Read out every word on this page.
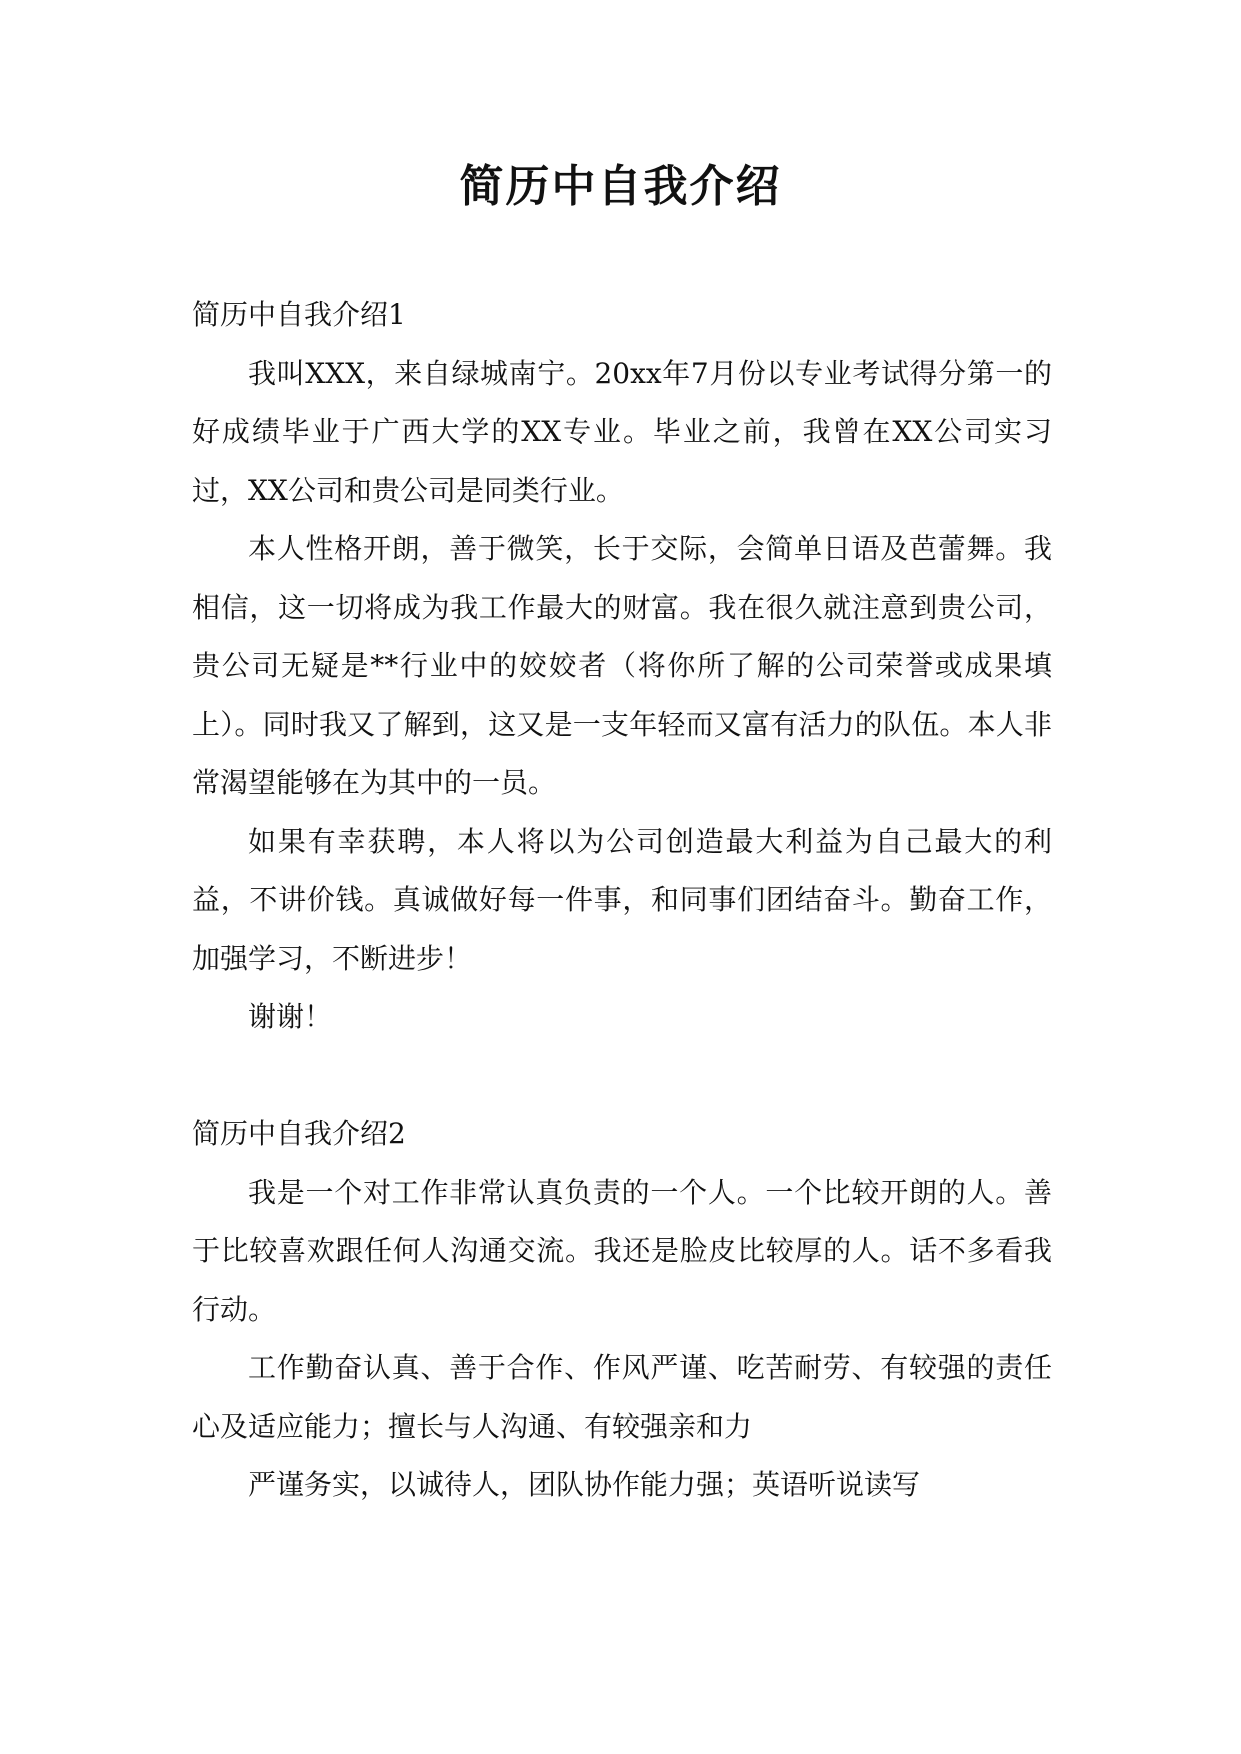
简历中自我介绍

简历中自我介绍1

我叫XXX，来自绿城南宁。20xx年7月份以专业考试得分第一的好成绩毕业于广西大学的XX专业。毕业之前，我曾在XX公司实习过，XX公司和贵公司是同类行业。

本人性格开朗，善于微笑，长于交际，会简单日语及芭蕾舞。我相信，这一切将成为我工作最大的财富。我在很久就注意到贵公司，贵公司无疑是**行业中的姣姣者（将你所了解的公司荣誉或成果填上）。同时我又了解到，这又是一支年轻而又富有活力的队伍。本人非常渴望能够在为其中的一员。

如果有幸获聘，本人将以为公司创造最大利益为自己最大的利益，不讲价钱。真诚做好每一件事，和同事们团结奋斗。勤奋工作，加强学习，不断进步！

谢谢！

简历中自我介绍2

我是一个对工作非常认真负责的一个人。一个比较开朗的人。善于比较喜欢跟任何人沟通交流。我还是脸皮比较厚的人。话不多看我行动。

工作勤奋认真、善于合作、作风严谨、吃苦耐劳、有较强的责任心及适应能力；擅长与人沟通、有较强亲和力

严谨务实，以诚待人，团队协作能力强；英语听说读写
